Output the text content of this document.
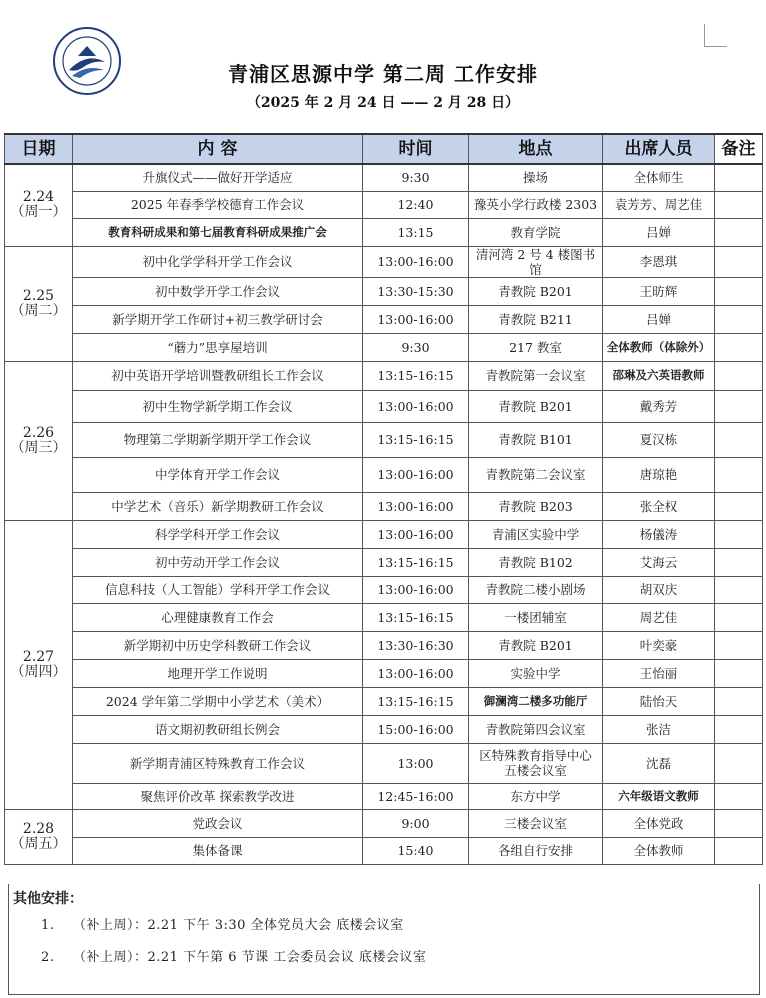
青浦区思源中学 第二周 工作安排
（2025 年 2 月 24 日 —— 2 月 28 日）
日期	内 容	时间	地点	出席人员	备注

2.24
（周一）	升旗仪式——做好开学适应	9:30	操场	全体师生	
	2025 年春季学校德育工作会议	12:40	豫英小学行政楼 2303	袁芳芳、周艺佳	
	教育科研成果和第七届教育科研成果推广会	13:15	教育学院	吕婵	

2.25
（周二）	初中化学学科开学工作会议	13:00-16:00	清河湾 2 号 4 楼图书馆	李恩琪	
	初中数学开学工作会议	13:30-15:30	青教院 B201	王昉辉	
	新学期开学工作研讨+初三教学研讨会	13:00-16:00	青教院 B211	吕婵	
	“蘑力”思享屋培训	9:30	217 教室	全体教师（体除外）	

2.26
（周三）	初中英语开学培训暨教研组长工作会议	13:15-16:15	青教院第一会议室	邵琳及六英语教师	
	初中生物学新学期工作会议	13:00-16:00	青教院 B201	戴秀芳	
	物理第二学期新学期开学工作会议	13:15-16:15	青教院 B101	夏汉栋	
	中学体育开学工作会议	13:00-16:00	青教院第二会议室	唐琼艳	
	中学艺术（音乐）新学期教研工作会议	13:00-16:00	青教院 B203	张全权	

2.27
（周四）	科学学科开学工作会议	13:00-16:00	青浦区实验中学	杨儀涛	
	初中劳动开学工作会议	13:15-16:15	青教院 B102	艾海云	
	信息科技（人工智能）学科开学工作会议	13:00-16:00	青教院二楼小剧场	胡双庆	
	心理健康教育工作会	13:15-16:15	一楼团辅室	周艺佳	
	新学期初中历史学科教研工作会议	13:30-16:30	青教院 B201	叶奕豪	
	地理开学工作说明	13:00-16:00	实验中学	王怡丽	
	2024 学年第二学期中小学艺术（美术）	13:15-16:15	御澜湾二楼多功能厅	陆怡天	
	语文期初教研组长例会	15:00-16:00	青教院第四会议室	张洁	
	新学期青浦区特殊教育工作会议	13:00	区特殊教育指导中心五楼会议室	沈磊	
	聚焦评价改革 探索教学改进	12:45-16:00	东方中学	六年级语文教师	

2.28
（周五）	党政会议	9:00	三楼会议室	全体党政	
	集体备课	15:40	各组自行安排	全体教师	
其他安排：
1. （补上周）：2.21 下午 3:30 全体党员大会 底楼会议室
2. （补上周）：2.21 下午第 6 节课 工会委员会议 底楼会议室
